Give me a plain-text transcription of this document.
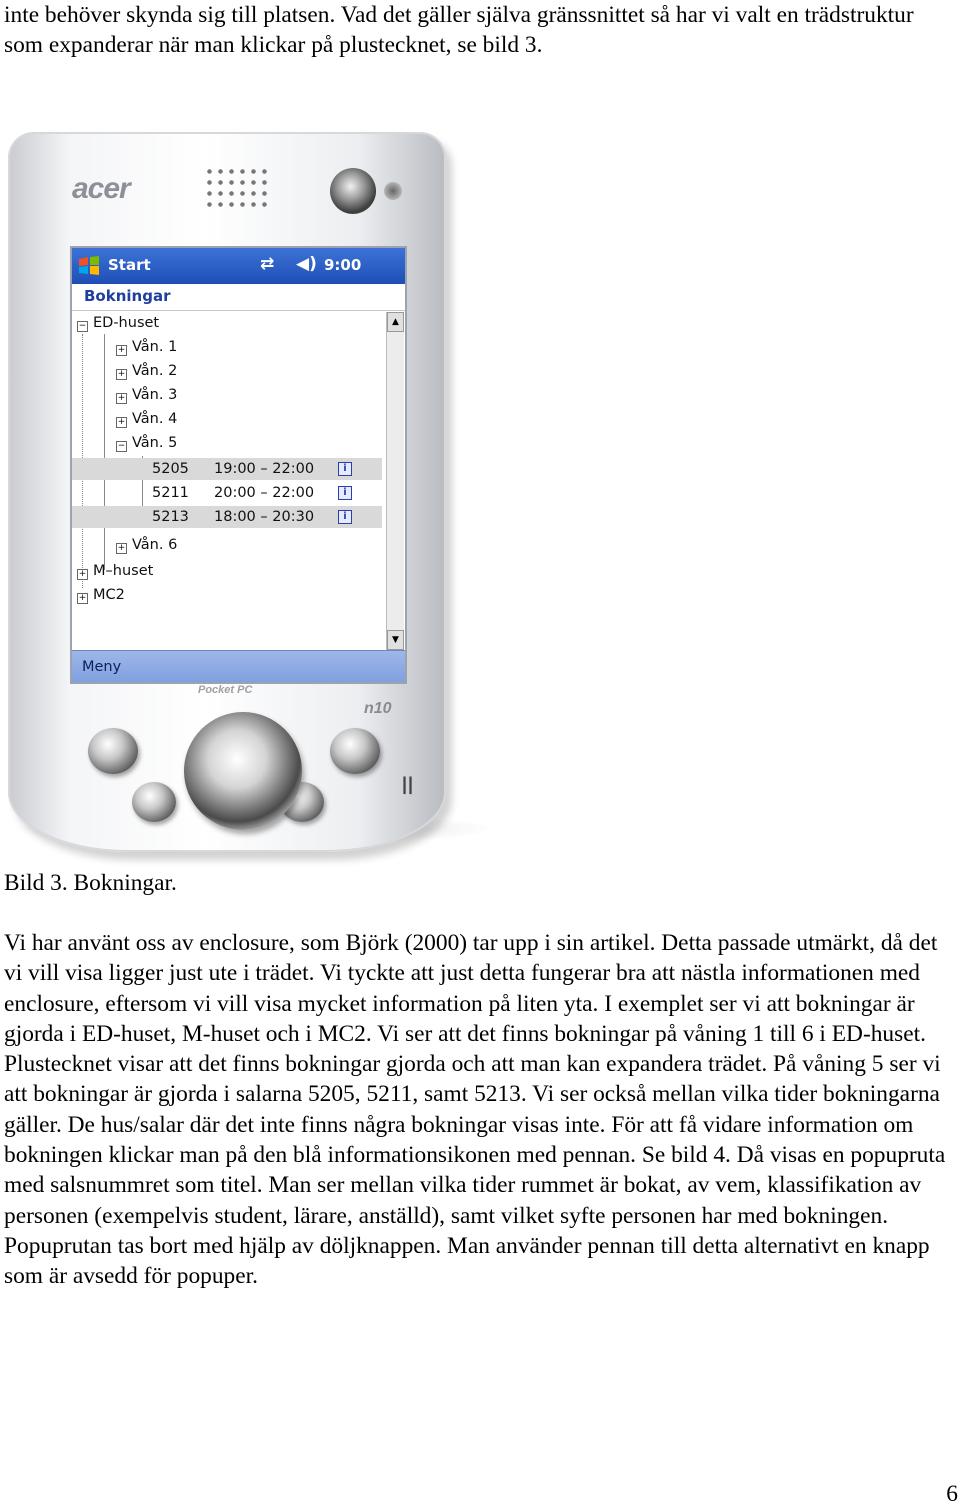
inte behöver skynda sig till platsen. Vad det gäller själva gränssnittet så har vi valt en trädstruktur som expanderar när man klickar på plustecknet, se bild 3.

acer
Start	⇄ ◀) 9:00
Bokningar
− ED-huset
+ Vån. 1
+ Vån. 2
+ Vån. 3
+ Vån. 4
− Vån. 5
5205 19:00 – 22:00	i
5211 20:00 – 22:00	i
5213 18:00 – 20:30	i
+ Vån. 6
+ M–huset
+ MC2
▲
▼
Meny
Pocket PC
n10
||

Bild 3. Bokningar.

Vi har använt oss av enclosure, som Björk (2000) tar upp i sin artikel. Detta passade utmärkt, då det vi vill visa ligger just ute i trädet. Vi tyckte att just detta fungerar bra att nästla informationen med enclosure, eftersom vi vill visa mycket information på liten yta. I exemplet ser vi att bokningar är gjorda i ED-huset, M-huset och i MC2. Vi ser att det finns bokningar på våning 1 till 6 i ED-huset. Plustecknet visar att det finns bokningar gjorda och att man kan expandera trädet. På våning 5 ser vi att bokningar är gjorda i salarna 5205, 5211, samt 5213. Vi ser också mellan vilka tider bokningarna gäller. De hus/salar där det inte finns några bokningar visas inte. För att få vidare information om bokningen klickar man på den blå informationsikonen med pennan. Se bild 4. Då visas en popupruta med salsnummret som titel. Man ser mellan vilka tider rummet är bokat, av vem, klassifikation av personen (exempelvis student, lärare, anställd), samt vilket syfte personen har med bokningen. Popuprutan tas bort med hjälp av döljknappen. Man använder pennan till detta alternativt en knapp som är avsedd för popuper.

6
